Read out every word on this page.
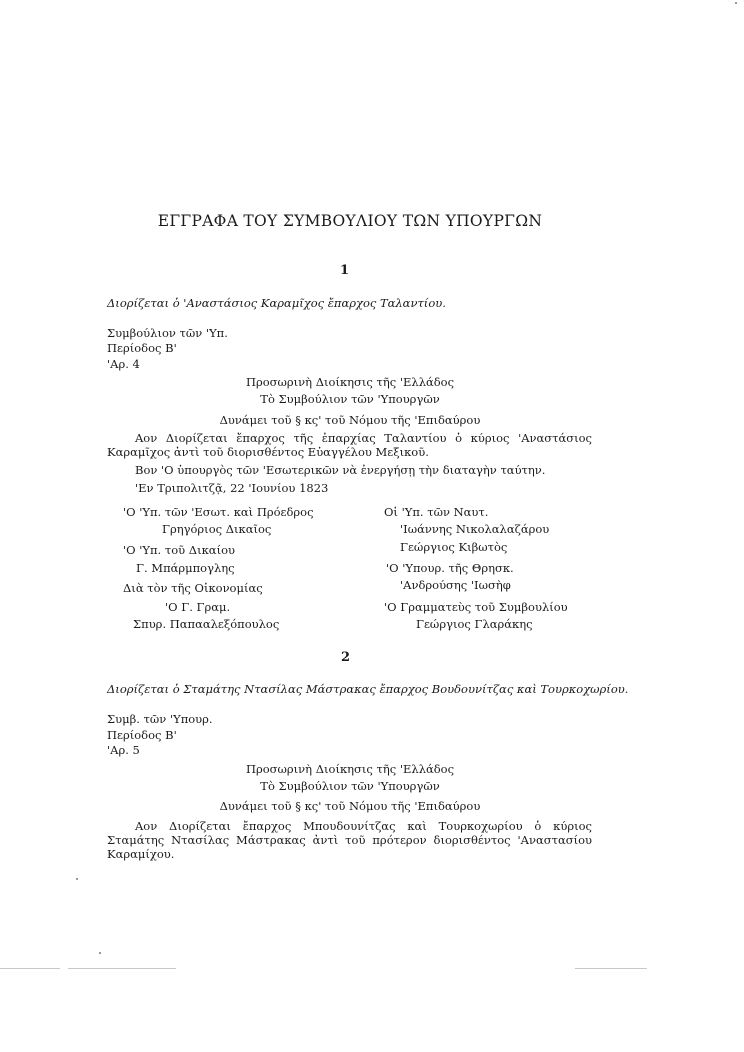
ΕΓΓΡΑΦΑ ΤΟΥ ΣΥΜΒΟΥΛΙΟΥ ΤΩΝ ΥΠΟΥΡΓΩΝ
1
Διορίζεται ὁ 'Αναστάσιος Καραμῖχος ἔπαρχος Ταλαντίου.
Συμβούλιον τῶν 'Υπ.
Περίοδος Β'
'Αρ. 4
Προσωρινὴ Διοίκησις τῆς 'Ελλάδος
Τὸ Συμβούλιον τῶν 'Υπουργῶν
Δυνάμει τοῦ § κς' τοῦ Νόμου τῆς 'Επιδαύρου
Αον Διορίζεται ἔπαρχος τῆς ἐπαρχίας Ταλαντίου ὁ κύριος 'Αναστάσιος Καραμῖχος ἀντὶ τοῦ διορισθέντος Εὐαγγέλου Μεξικοῦ.
Βον 'Ο ὑπουργὸς τῶν 'Εσωτερικῶν νὰ ἐνεργήσῃ τὴν διαταγὴν ταύτην.
'Εν Τριπολιτζᾷ, 22 'Ιουνίου 1823
'Ο 'Υπ. τῶν 'Εσωτ. καὶ Πρόεδρος
Γρηγόριος Δικαῖος
'Ο 'Υπ. τοῦ Δικαίου
Γ. Μπάρμπογλης
Διὰ τὸν τῆς Οἰκονομίας
'Ο Γ. Γραμ.
Σπυρ. Παπααλεξόπουλος
Οἱ 'Υπ. τῶν Ναυτ.
'Ιωάννης Νικολαλαζάρου
Γεώργιος Κιβωτὸς
'Ο 'Υπουρ. τῆς Θρησκ.
'Ανδρούσης 'Ιωσὴφ
'Ο Γραμματεὺς τοῦ Συμβουλίου
Γεώργιος Γλαράκης
2
Διορίζεται ὁ Σταμάτης Ντασίλας Μάστρακας ἔπαρχος Βουδουνίτζας καὶ Τουρκοχωρίου.
Συμβ. τῶν 'Υπουρ.
Περίοδος Β'
'Αρ. 5
Προσωρινὴ Διοίκησις τῆς 'Ελλάδος
Τὸ Συμβούλιον τῶν 'Υπουργῶν
Δυνάμει τοῦ § κς' τοῦ Νόμου τῆς 'Επιδαύρου
Αον Διορίζεται ἔπαρχος Μπουδουνίτζας καὶ Τουρκοχωρίου ὁ κύριος Σταμάτης Ντασίλας Μάστρακας ἀντὶ τοῦ πρότερον διορισθέντος 'Αναστασίου Καραμίχου.
